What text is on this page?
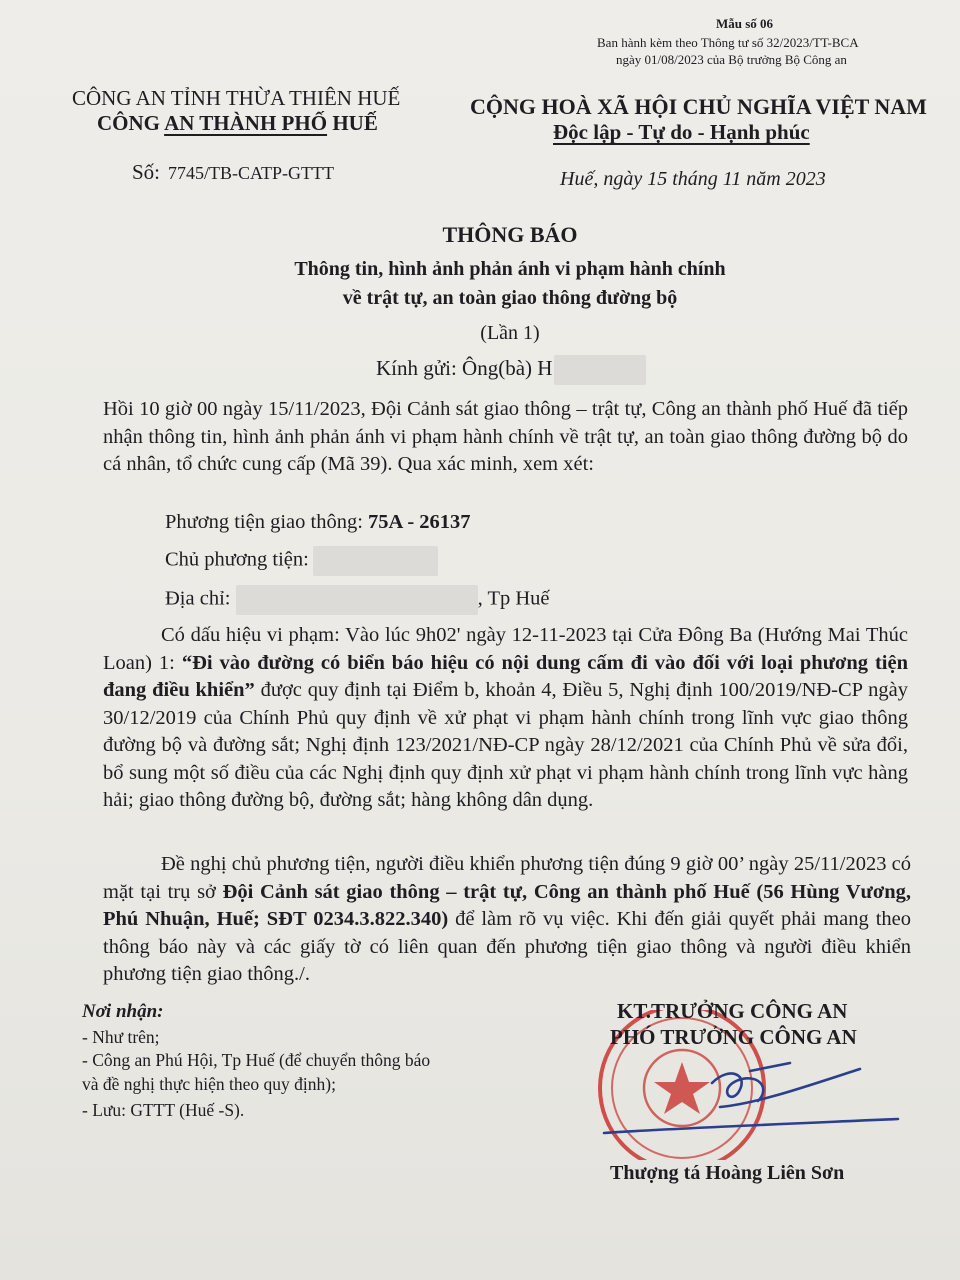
Mẫu số 06
Ban hành kèm theo Thông tư số 32/2023/TT-BCA
ngày 01/08/2023 của Bộ trưởng Bộ Công an
CÔNG AN TỈNH THỪA THIÊN HUẾ
CÔNG AN THÀNH PHỐ HUẾ
CỘNG HOÀ XÃ HỘI CHỦ NGHĨA VIỆT NAM
Độc lập - Tự do - Hạnh phúc
Số: 7745/TB-CATP-GTTT	Huế, ngày 15 tháng 11 năm 2023
THÔNG BÁO
Thông tin, hình ảnh phản ánh vi phạm hành chính
về trật tự, an toàn giao thông đường bộ
(Lần 1)
Kính gửi: Ông(bà) H
Hồi 10 giờ 00 ngày 15/11/2023, Đội Cảnh sát giao thông – trật tự, Công an thành phố Huế đã tiếp nhận thông tin, hình ảnh phản ánh vi phạm hành chính về trật tự, an toàn giao thông đường bộ do cá nhân, tổ chức cung cấp (Mã 39). Qua xác minh, xem xét:
Phương tiện giao thông: 75A - 26137
Chủ phương tiện:
Địa chỉ:	, Tp Huế
Có dấu hiệu vi phạm: Vào lúc 9h02' ngày 12-11-2023 tại Cửa Đông Ba (Hướng Mai Thúc Loan) 1: “Đi vào đường có biển báo hiệu có nội dung cấm đi vào đối với loại phương tiện đang điều khiển” được quy định tại Điểm b, khoản 4, Điều 5, Nghị định 100/2019/NĐ-CP ngày 30/12/2019 của Chính Phủ quy định về xử phạt vi phạm hành chính trong lĩnh vực giao thông đường bộ và đường sắt; Nghị định 123/2021/NĐ-CP ngày 28/12/2021 của Chính Phủ về sửa đổi, bổ sung một số điều của các Nghị định quy định xử phạt vi phạm hành chính trong lĩnh vực hàng hải; giao thông đường bộ, đường sắt; hàng không dân dụng.
Đề nghị chủ phương tiện, người điều khiển phương tiện đúng 9 giờ 00’ ngày 25/11/2023 có mặt tại trụ sở Đội Cảnh sát giao thông – trật tự, Công an thành phố Huế (56 Hùng Vương, Phú Nhuận, Huế; SĐT 0234.3.822.340) để làm rõ vụ việc. Khi đến giải quyết phải mang theo thông báo này và các giấy tờ có liên quan đến phương tiện giao thông và người điều khiển phương tiện giao thông./.
Nơi nhận:
- Như trên;
- Công an Phú Hội, Tp Huế (để chuyển thông báo
và đề nghị thực hiện theo quy định);
- Lưu: GTTT (Huế -S).
KT.TRƯỞNG CÔNG AN
PHÓ TRƯỞNG CÔNG AN
Thượng tá Hoàng Liên Sơn
